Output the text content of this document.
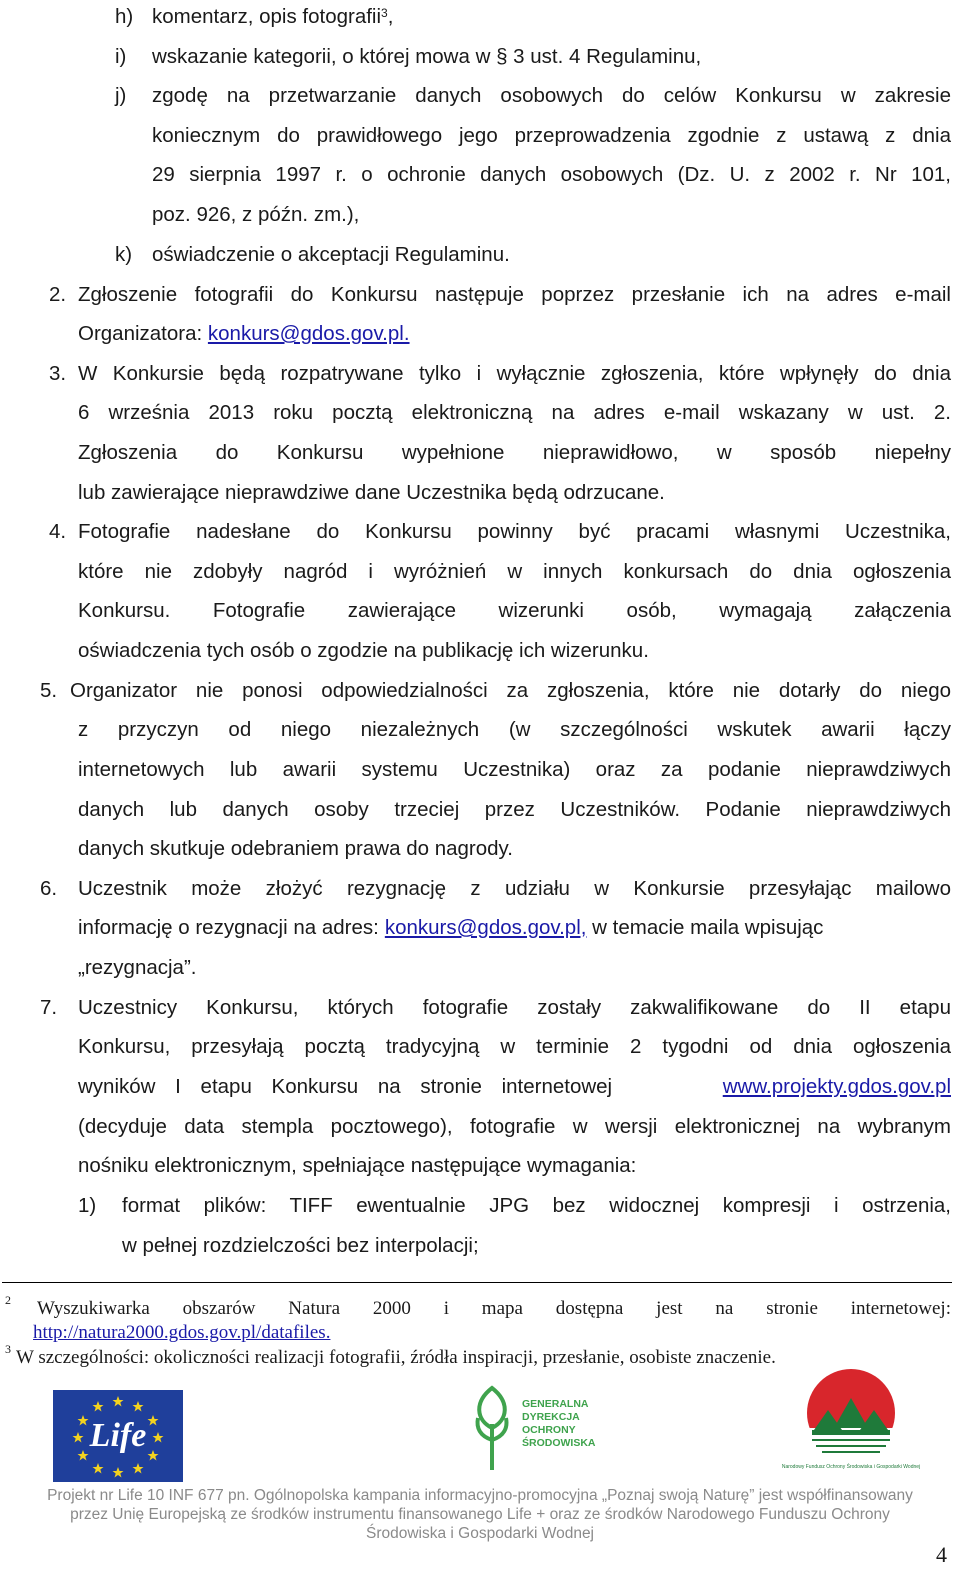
h) komentarz, opis fotografii$^3$,
i) wskazanie kategorii, o której mowa w § 3 ust. 4 Regulaminu,
j) zgodę na przetwarzanie danych osobowych do celów Konkursu w zakresie
koniecznym do prawidłowego jego przeprowadzenia zgodnie z ustawą z dnia
29 sierpnia 1997 r. o ochronie danych osobowych (Dz. U. z 2002 r. Nr 101,
poz. 926, z późn. zm.),
k) oświadczenie o akceptacji Regulaminu.
2. Zgłoszenie fotografii do Konkursu następuje poprzez przesłanie ich na adres e-mail
Organizatora: konkurs@gdos.gov.pl.
3. W Konkursie będą rozpatrywane tylko i wyłącznie zgłoszenia, które wpłynęły do dnia
6 września 2013 roku pocztą elektroniczną na adres e-mail wskazany w ust. 2.
Zgłoszenia do Konkursu wypełnione nieprawidłowo, w sposób niepełny
lub zawierające nieprawdziwe dane Uczestnika będą odrzucane.
4. Fotografie nadesłane do Konkursu powinny być pracami własnymi Uczestnika,
które nie zdobyły nagród i wyróżnień w innych konkursach do dnia ogłoszenia
Konkursu. Fotografie zawierające wizerunki osób, wymagają załączenia
oświadczenia tych osób o zgodzie na publikację ich wizerunku.
5. Organizator nie ponosi odpowiedzialności za zgłoszenia, które nie dotarły do niego
z przyczyn od niego niezależnych (w szczególności wskutek awarii łączy
internetowych lub awarii systemu Uczestnika) oraz za podanie nieprawdziwych
danych lub danych osoby trzeciej przez Uczestników. Podanie nieprawdziwych
danych skutkuje odebraniem prawa do nagrody.
6. Uczestnik może złożyć rezygnację z udziału w Konkursie przesyłając mailowo
informację o rezygnacji na adres: konkurs@gdos.gov.pl, w temacie maila wpisując
„rezygnacja”.
7. Uczestnicy Konkursu, których fotografie zostały zakwalifikowane do II etapu
Konkursu, przesyłają pocztą tradycyjną w terminie 2 tygodni od dnia ogłoszenia
wyników I etapu Konkursu na stronie internetowej	www.projekty.gdos.gov.pl
(decyduje data stempla pocztowego), fotografie w wersji elektronicznej na wybranym
nośniku elektronicznym, spełniające następujące wymagania:
1) format plików: TIFF ewentualnie JPG bez widocznej kompresji i ostrzenia,
w pełnej rozdzielczości bez interpolacji;
2 Wyszukiwarka obszarów Natura 2000 i mapa dostępna jest na stronie internetowej:
http://natura2000.gdos.gov.pl/datafiles.
3 W szczególności: okoliczności realizacji fotografii, źródła inspiracji, przesłanie, osobiste znaczenie.
Life
GENERALNA
DYREKCJA
OCHRONY
ŚRODOWISKA
Narodowy Fundusz Ochrony Środowiska i Gospodarki Wodnej
Projekt nr Life 10 INF 677 pn. Ogólnopolska kampania informacyjno-promocyjna „Poznaj swoją Naturę” jest współfinansowany
przez Unię Europejską ze środków instrumentu finansowanego Life + oraz ze środków Narodowego Funduszu Ochrony
Środowiska i Gospodarki Wodnej
4
